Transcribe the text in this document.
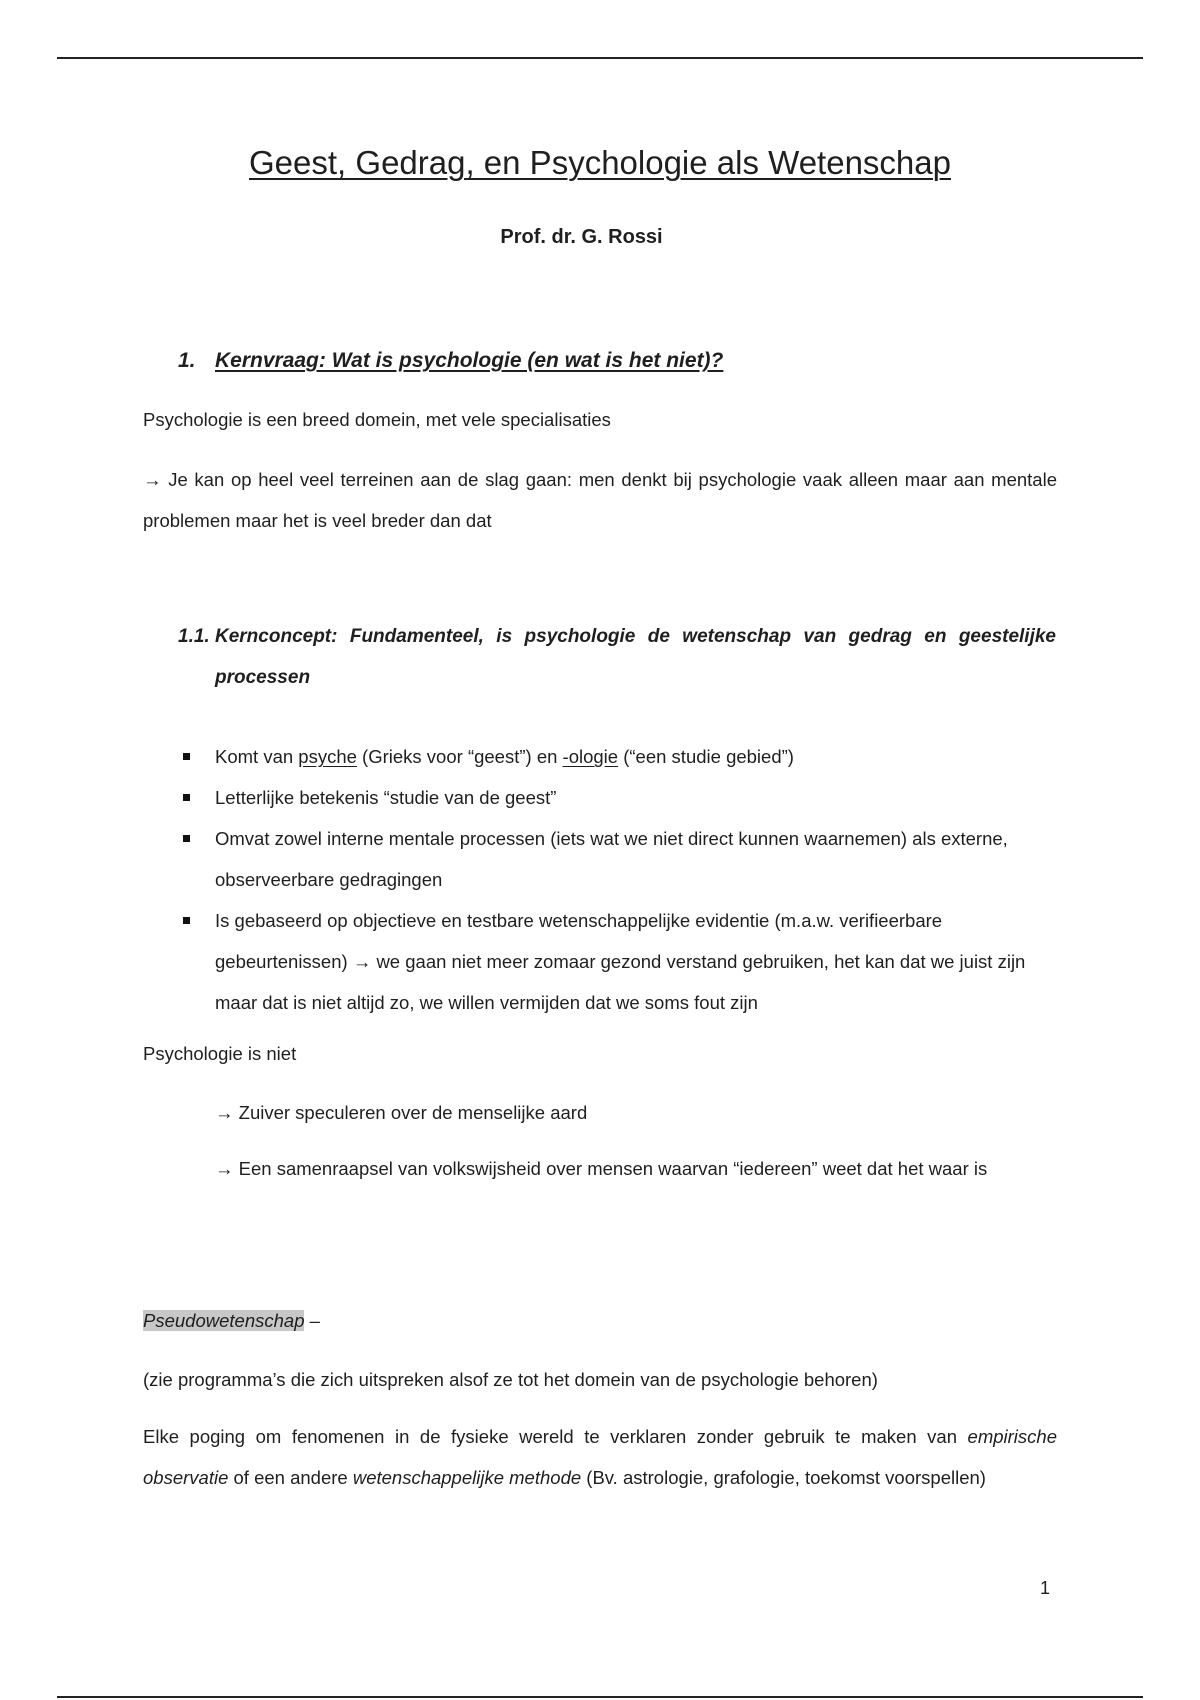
Geest, Gedrag, en Psychologie als Wetenschap
Prof. dr. G. Rossi
1. Kernvraag: Wat is psychologie (en wat is het niet)?

Psychologie is een breed domein, met vele specialisaties

→ Je kan op heel veel terreinen aan de slag gaan: men denkt bij psychologie vaak alleen maar aan mentale problemen maar het is veel breder dan dat

1.1. Kernconcept: Fundamenteel, is psychologie de wetenschap van gedrag en geestelijke processen
Komt van psyche (Grieks voor “geest”) en -ologie (“een studie gebied”)
Letterlijke betekenis “studie van de geest”
Omvat zowel interne mentale processen (iets wat we niet direct kunnen waarnemen) als externe, observeerbare gedragingen
Is gebaseerd op objectieve en testbare wetenschappelijke evidentie (m.a.w. verifieerbare gebeurtenissen) → we gaan niet meer zomaar gezond verstand gebruiken, het kan dat we juist zijn maar dat is niet altijd zo, we willen vermijden dat we soms fout zijn

Psychologie is niet

→ Zuiver speculeren over de menselijke aard
→ Een samenraapsel van volkswijsheid over mensen waarvan “iedereen” weet dat het waar is

Pseudowetenschap –

(zie programma’s die zich uitspreken alsof ze tot het domein van de psychologie behoren)

Elke poging om fenomenen in de fysieke wereld te verklaren zonder gebruik te maken van empirische observatie of een andere wetenschappelijke methode (Bv. astrologie, grafologie, toekomst voorspellen)

1
